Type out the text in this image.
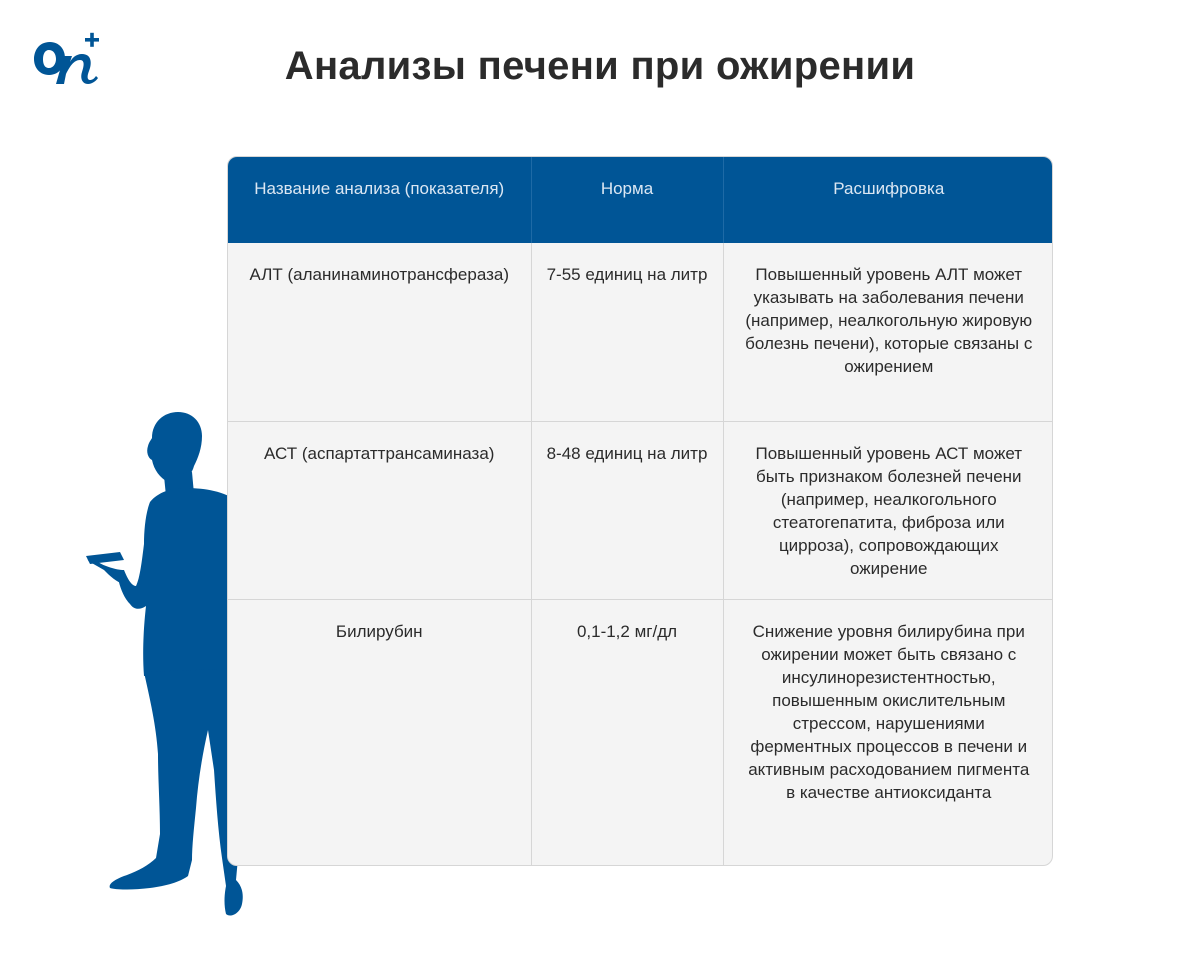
Анализы печени при ожирении
Название анализа (показателя)	Норма	Расшифровка
АЛТ (аланинаминотрансфераза)	7-55 единиц на литр	Повышенный уровень АЛТ может указывать на заболевания печени (например, неалкогольную жировую болезнь печени), которые связаны с ожирением
АСТ (аспартаттрансаминаза)	8-48 единиц на литр	Повышенный уровень АСТ может быть признаком болезней печени (например, неалкогольного стеатогепатита, фиброза или цирроза), сопровождающих ожирение
Билирубин	0,1-1,2 мг/дл	Снижение уровня билирубина при ожирении может быть связано с инсулинорезистентностью, повышенным окислительным стрессом, нарушениями ферментных процессов в печени и активным расходованием пигмента в качестве антиоксиданта
